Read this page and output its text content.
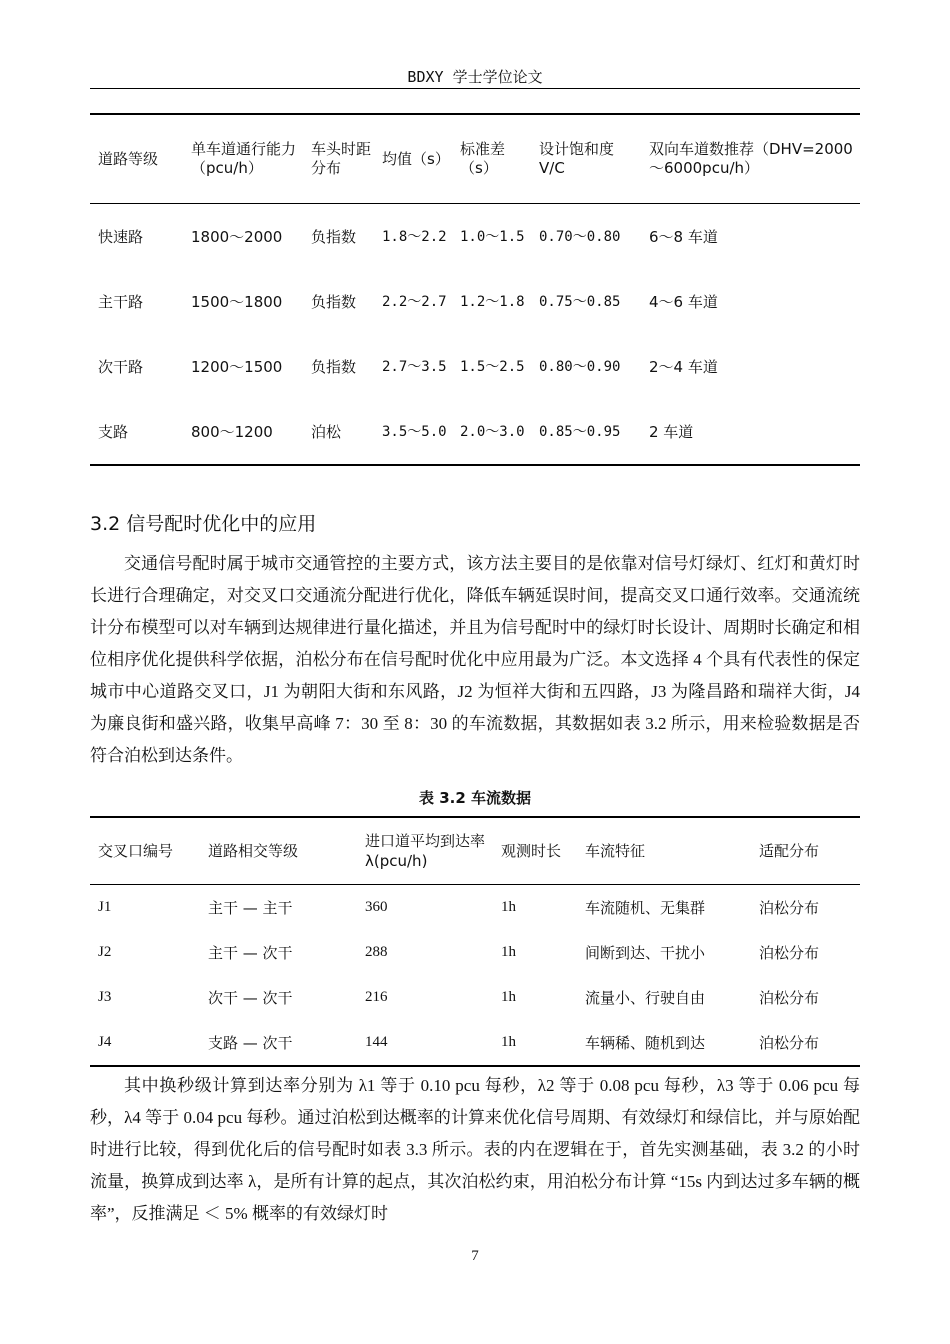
BDXY 学士学位论文
道路等级	单车道通行能力（pcu/h）	车头时距分布	均值（s）	标准差（s）	设计饱和度 V/C	双向车道数推荐（DHV=2000～6000pcu/h）
快速路	1800～2000	负指数	1.8～2.2	1.0～1.5	0.70～0.80	6～8 车道
主干路	1500～1800	负指数	2.2～2.7	1.2～1.8	0.75～0.85	4～6 车道
次干路	1200～1500	负指数	2.7～3.5	1.5～2.5	0.80～0.90	2～4 车道
支路	800～1200	泊松	3.5～5.0	2.0～3.0	0.85～0.95	2 车道
3.2 信号配时优化中的应用
交通信号配时属于城市交通管控的主要方式，该方法主要目的是依靠对信号灯绿灯、红灯和黄灯时长进行合理确定，对交叉口交通流分配进行优化，降低车辆延误时间，提高交叉口通行效率。交通流统计分布模型可以对车辆到达规律进行量化描述，并且为信号配时中的绿灯时长设计、周期时长确定和相位相序优化提供科学依据，泊松分布在信号配时优化中应用最为广泛。本文选择 4 个具有代表性的保定城市中心道路交叉口，J1 为朝阳大街和东风路，J2 为恒祥大街和五四路，J3 为隆昌路和瑞祥大街，J4 为廉良街和盛兴路，收集早高峰 7：30 至 8：30 的车流数据，其数据如表 3.2 所示，用来检验数据是否符合泊松到达条件。
表 3.2 车流数据
交叉口编号	道路相交等级	进口道平均到达率 λ(pcu/h)	观测时长	车流特征	适配分布
J1	主干 — 主干	360	1h	车流随机、无集群	泊松分布
J2	主干 — 次干	288	1h	间断到达、干扰小	泊松分布
J3	次干 — 次干	216	1h	流量小、行驶自由	泊松分布
J4	支路 — 次干	144	1h	车辆稀、随机到达	泊松分布
其中换秒级计算到达率分别为 λ1 等于 0.10 pcu 每秒，λ2 等于 0.08 pcu 每秒，λ3 等于 0.06 pcu 每秒，λ4 等于 0.04 pcu 每秒。通过泊松到达概率的计算来优化信号周期、有效绿灯和绿信比，并与原始配时进行比较，得到优化后的信号配时如表 3.3 所示。表的内在逻辑在于，首先实测基础，表 3.2 的小时流量，换算成到达率 λ，是所有计算的起点，其次泊松约束，用泊松分布计算 “15s 内到达过多车辆的概率”，反推满足 ＜ 5% 概率的有效绿灯时
7
